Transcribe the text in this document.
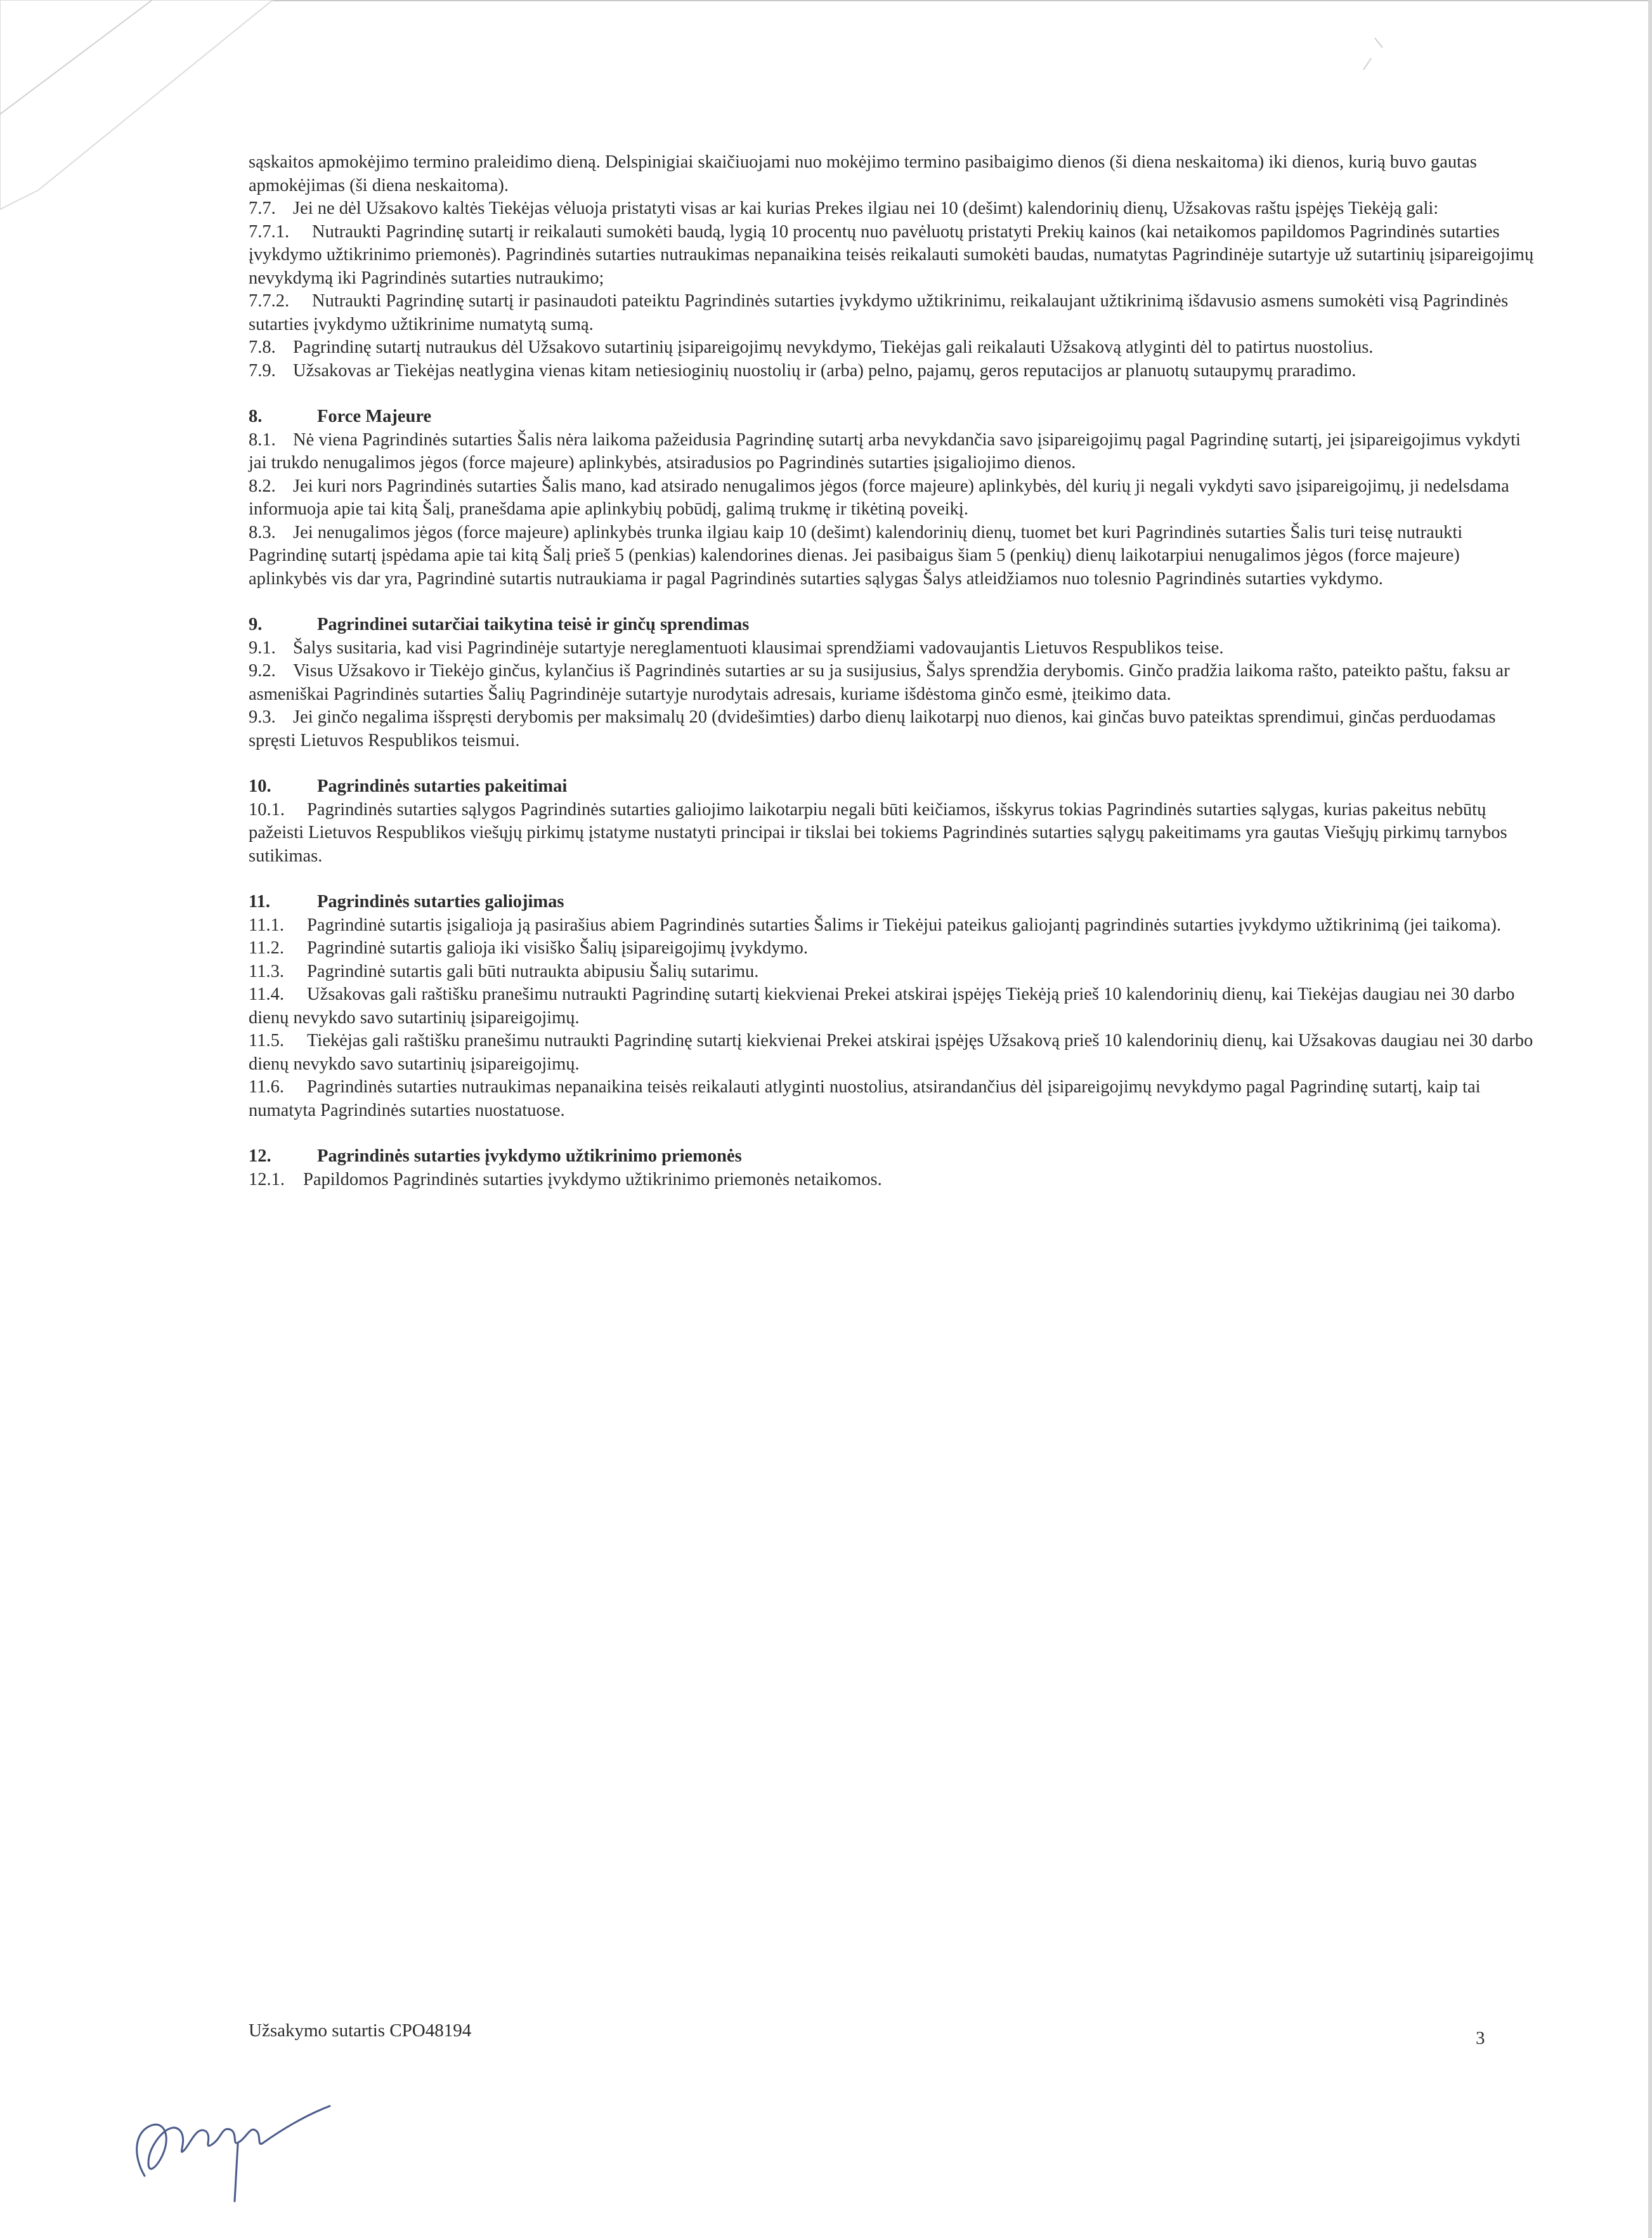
sąskaitos apmokėjimo termino praleidimo dieną. Delspinigiai skaičiuojami nuo mokėjimo termino pasibaigimo dienos (ši diena neskaitoma) iki dienos, kurią buvo gautas apmokėjimas (ši diena neskaitoma).

7.7. Jei ne dėl Užsakovo kaltės Tiekėjas vėluoja pristatyti visas ar kai kurias Prekes ilgiau nei 10 (dešimt) kalendorinių dienų, Užsakovas raštu įspėjęs Tiekėją gali:

7.7.1. Nutraukti Pagrindinę sutartį ir reikalauti sumokėti baudą, lygią 10 procentų nuo pavėluotų pristatyti Prekių kainos (kai netaikomos papildomos Pagrindinės sutarties įvykdymo užtikrinimo priemonės). Pagrindinės sutarties nutraukimas nepanaikina teisės reikalauti sumokėti baudas, numatytas Pagrindinėje sutartyje už sutartinių įsipareigojimų nevykdymą iki Pagrindinės sutarties nutraukimo;

7.7.2. Nutraukti Pagrindinę sutartį ir pasinaudoti pateiktu Pagrindinės sutarties įvykdymo užtikrinimu, reikalaujant užtikrinimą išdavusio asmens sumokėti visą Pagrindinės sutarties įvykdymo užtikrinime numatytą sumą.

7.8. Pagrindinę sutartį nutraukus dėl Užsakovo sutartinių įsipareigojimų nevykdymo, Tiekėjas gali reikalauti Užsakovą atlyginti dėl to patirtus nuostolius.

7.9. Užsakovas ar Tiekėjas neatlygina vienas kitam netiesioginių nuostolių ir (arba) pelno, pajamų, geros reputacijos ar planuotų sutaupymų praradimo.

8.	Force Majeure

8.1. Nė viena Pagrindinės sutarties Šalis nėra laikoma pažeidusia Pagrindinę sutartį arba nevykdančia savo įsipareigojimų pagal Pagrindinę sutartį, jei įsipareigojimus vykdyti jai trukdo nenugalimos jėgos (force majeure) aplinkybės, atsiradusios po Pagrindinės sutarties įsigaliojimo dienos.

8.2. Jei kuri nors Pagrindinės sutarties Šalis mano, kad atsirado nenugalimos jėgos (force majeure) aplinkybės, dėl kurių ji negali vykdyti savo įsipareigojimų, ji nedelsdama informuoja apie tai kitą Šalį, pranešdama apie aplinkybių pobūdį, galimą trukmę ir tikėtiną poveikį.

8.3. Jei nenugalimos jėgos (force majeure) aplinkybės trunka ilgiau kaip 10 (dešimt) kalendorinių dienų, tuomet bet kuri Pagrindinės sutarties Šalis turi teisę nutraukti Pagrindinę sutartį įspėdama apie tai kitą Šalį prieš 5 (penkias) kalendorines dienas. Jei pasibaigus šiam 5 (penkių) dienų laikotarpiui nenugalimos jėgos (force majeure) aplinkybės vis dar yra, Pagrindinė sutartis nutraukiama ir pagal Pagrindinės sutarties sąlygas Šalys atleidžiamos nuo tolesnio Pagrindinės sutarties vykdymo.

9.	Pagrindinei sutarčiai taikytina teisė ir ginčų sprendimas

9.1. Šalys susitaria, kad visi Pagrindinėje sutartyje nereglamentuoti klausimai sprendžiami vadovaujantis Lietuvos Respublikos teise.

9.2. Visus Užsakovo ir Tiekėjo ginčus, kylančius iš Pagrindinės sutarties ar su ja susijusius, Šalys sprendžia derybomis. Ginčo pradžia laikoma rašto, pateikto paštu, faksu ar asmeniškai Pagrindinės sutarties Šalių Pagrindinėje sutartyje nurodytais adresais, kuriame išdėstoma ginčo esmė, įteikimo data.

9.3. Jei ginčo negalima išspręsti derybomis per maksimalų 20 (dvidešimties) darbo dienų laikotarpį nuo dienos, kai ginčas buvo pateiktas sprendimui, ginčas perduodamas spręsti Lietuvos Respublikos teismui.

10.	Pagrindinės sutarties pakeitimai

10.1. Pagrindinės sutarties sąlygos Pagrindinės sutarties galiojimo laikotarpiu negali būti keičiamos, išskyrus tokias Pagrindinės sutarties sąlygas, kurias pakeitus nebūtų pažeisti Lietuvos Respublikos viešųjų pirkimų įstatyme nustatyti principai ir tikslai bei tokiems Pagrindinės sutarties sąlygų pakeitimams yra gautas Viešųjų pirkimų tarnybos sutikimas.

11.	Pagrindinės sutarties galiojimas

11.1. Pagrindinė sutartis įsigalioja ją pasirašius abiem Pagrindinės sutarties Šalims ir Tiekėjui pateikus galiojantį pagrindinės sutarties įvykdymo užtikrinimą (jei taikoma).

11.2. Pagrindinė sutartis galioja iki visiško Šalių įsipareigojimų įvykdymo.

11.3. Pagrindinė sutartis gali būti nutraukta abipusiu Šalių sutarimu.

11.4. Užsakovas gali raštišku pranešimu nutraukti Pagrindinę sutartį kiekvienai Prekei atskirai įspėjęs Tiekėją prieš 10 kalendorinių dienų, kai Tiekėjas daugiau nei 30 darbo dienų nevykdo savo sutartinių įsipareigojimų.

11.5. Tiekėjas gali raštišku pranešimu nutraukti Pagrindinę sutartį kiekvienai Prekei atskirai įspėjęs Užsakovą prieš 10 kalendorinių dienų, kai Užsakovas daugiau nei 30 darbo dienų nevykdo savo sutartinių įsipareigojimų.

11.6. Pagrindinės sutarties nutraukimas nepanaikina teisės reikalauti atlyginti nuostolius, atsirandančius dėl įsipareigojimų nevykdymo pagal Pagrindinę sutartį, kaip tai numatyta Pagrindinės sutarties nuostatuose.

12.	Pagrindinės sutarties įvykdymo užtikrinimo priemonės

12.1. Papildomos Pagrindinės sutarties įvykdymo užtikrinimo priemonės netaikomos.

Užsakymo sutartis CPO48194	3
